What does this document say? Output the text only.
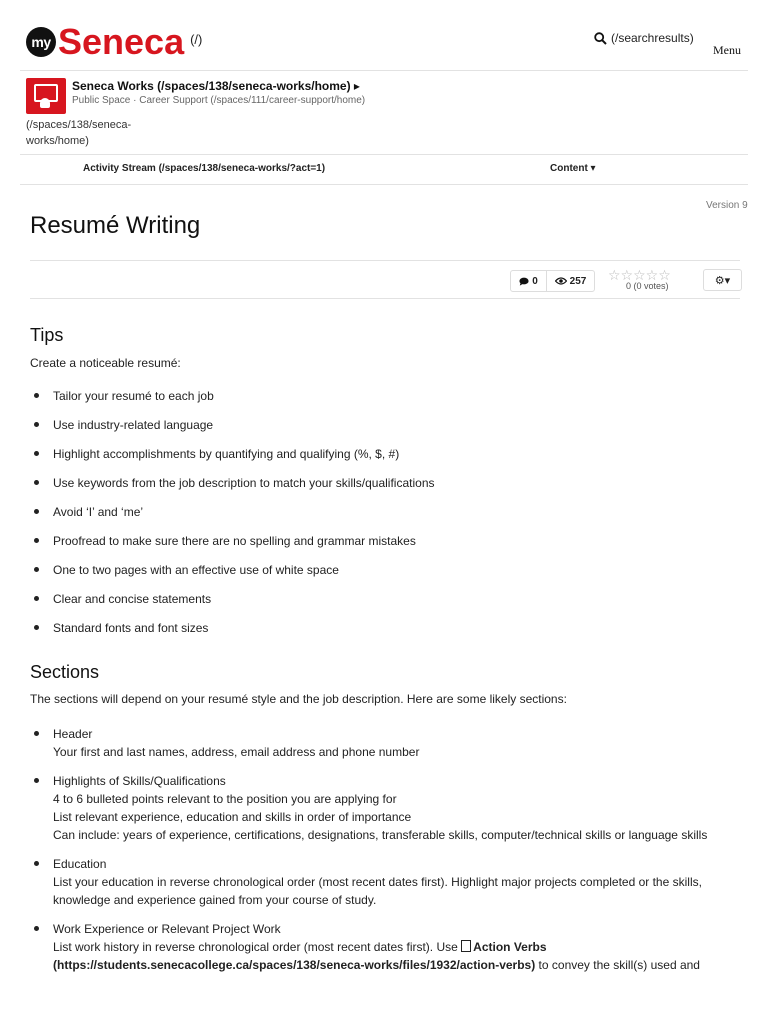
my Seneca (/)	(/searchresults)
Menu
Seneca Works (/spaces/138/seneca-works/home) ▸
Public Space · Career Support (/spaces/111/career-support/home)
(/spaces/138/seneca-works/home)
Activity Stream (/spaces/138/seneca-works/?act=1)	Content ▾
Version 9
Resumé Writing
0	257 ☆☆☆☆☆
0 (0 votes)	⚙▾
Tips
Create a noticeable resumé:
Tailor your resumé to each job
Use industry-related language
Highlight accomplishments by quantifying and qualifying (%, $, #)
Use keywords from the job description to match your skills/qualifications
Avoid ‘I’ and ‘me’
Proofread to make sure there are no spelling and grammar mistakes
One to two pages with an effective use of white space
Clear and concise statements
Standard fonts and font sizes
Sections
The sections will depend on your resumé style and the job description. Here are some likely sections:
Header
Your first and last names, address, email address and phone number
Highlights of Skills/Qualifications
4 to 6 bulleted points relevant to the position you are applying for
List relevant experience, education and skills in order of importance
Can include: years of experience, certifications, designations, transferable skills, computer/technical skills or language skills
Education
List your education in reverse chronological order (most recent dates first). Highlight major projects completed or the skills, knowledge and experience gained from your course of study.
Work Experience or Relevant Project Work
List work history in reverse chronological order (most recent dates first). Use Action Verbs (https://students.senecacollege.ca/spaces/138/seneca-works/files/1932/action-verbs) to convey the skill(s) used and
